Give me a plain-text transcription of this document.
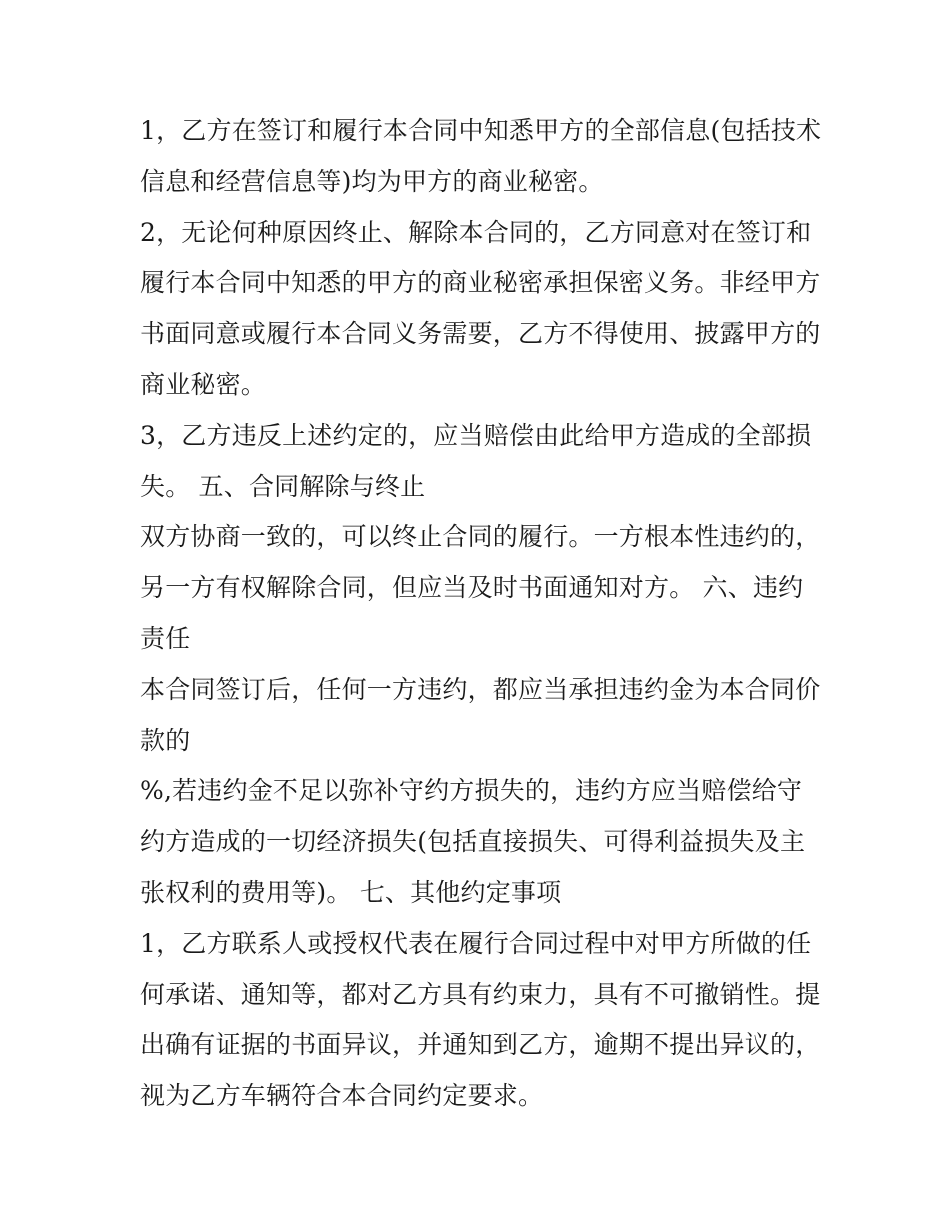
1，乙方在签订和履行本合同中知悉甲方的全部信息(包括技术
信息和经营信息等)均为甲方的商业秘密。
2，无论何种原因终止、解除本合同的，乙方同意对在签订和
履行本合同中知悉的甲方的商业秘密承担保密义务。非经甲方
书面同意或履行本合同义务需要，乙方不得使用、披露甲方的
商业秘密。
3，乙方违反上述约定的，应当赔偿由此给甲方造成的全部损
失。 五、合同解除与终止
双方协商一致的，可以终止合同的履行。一方根本性违约的，
另一方有权解除合同，但应当及时书面通知对方。 六、违约
责任
本合同签订后，任何一方违约，都应当承担违约金为本合同价
款的
%,若违约金不足以弥补守约方损失的，违约方应当赔偿给守
约方造成的一切经济损失(包括直接损失、可得利益损失及主
张权利的费用等)。 七、其他约定事项
1，乙方联系人或授权代表在履行合同过程中对甲方所做的任
何承诺、通知等，都对乙方具有约束力，具有不可撤销性。提
出确有证据的书面异议，并通知到乙方，逾期不提出异议的，
视为乙方车辆符合本合同约定要求。
